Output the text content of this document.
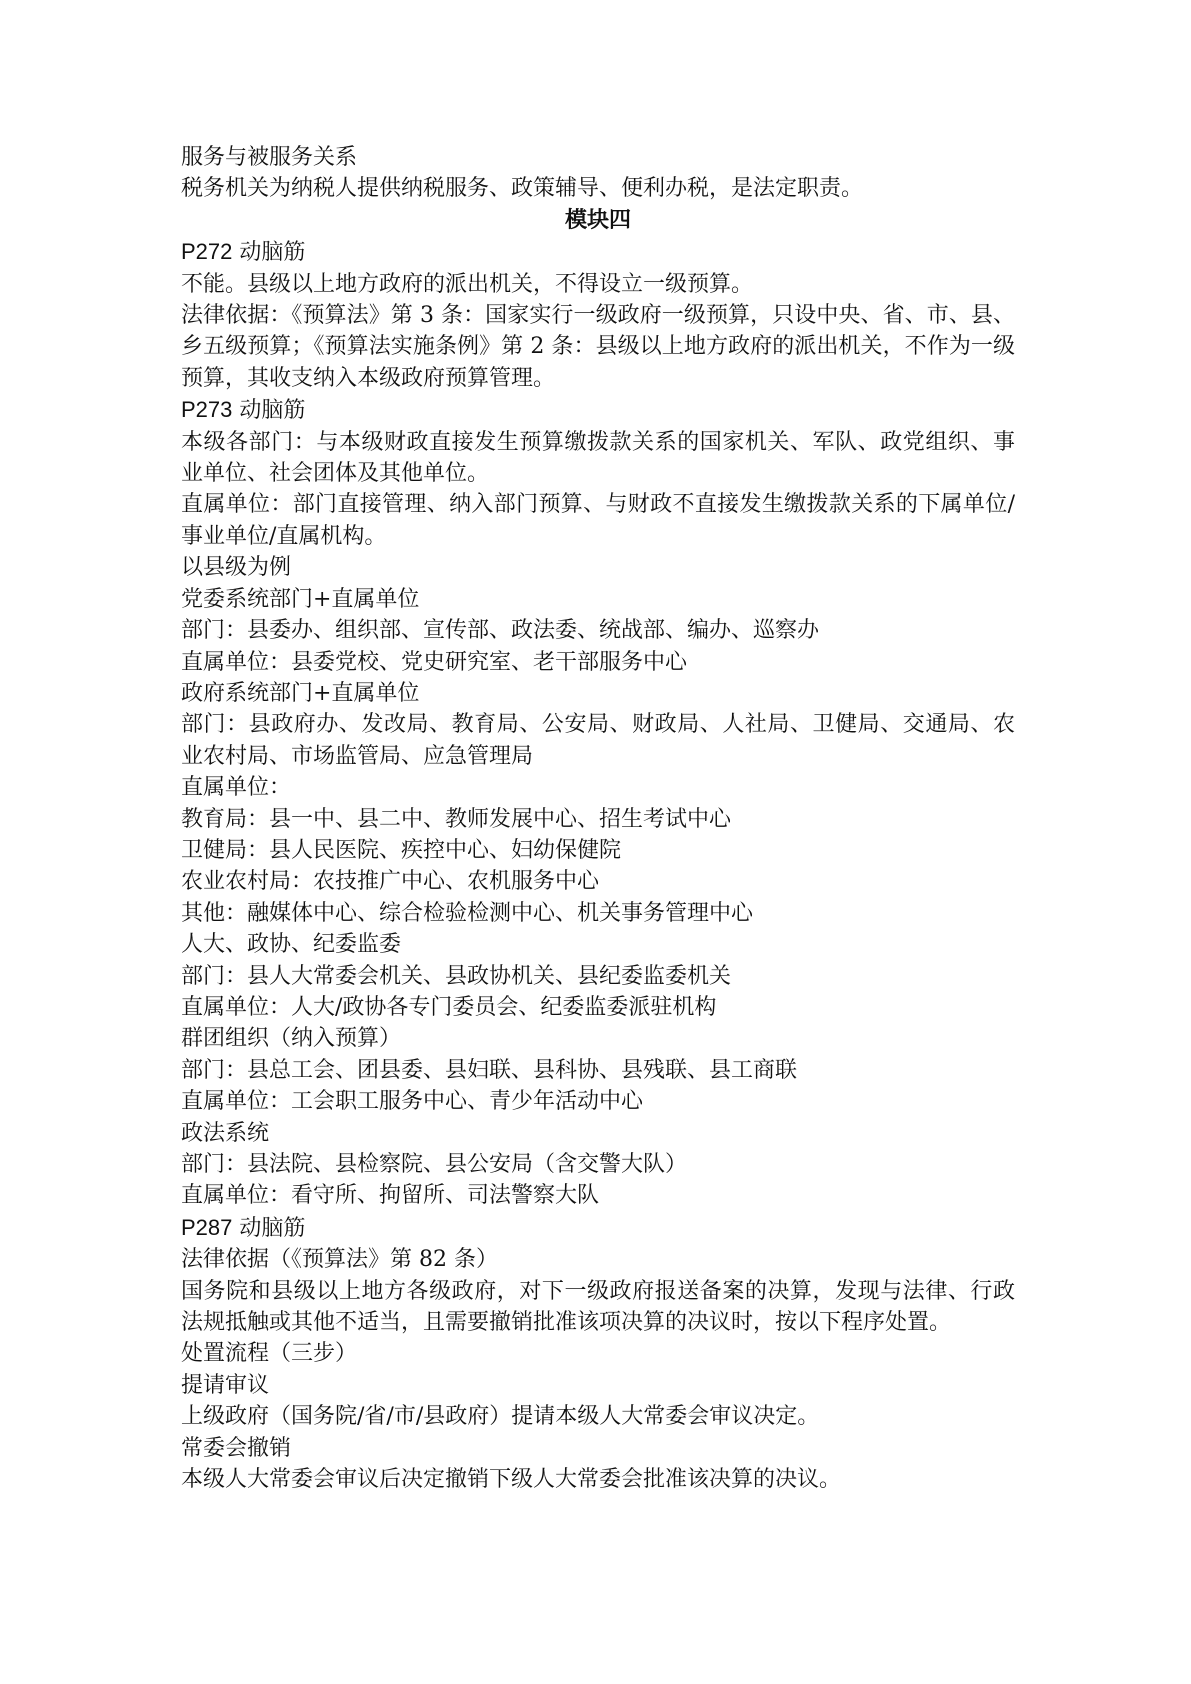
服务与被服务关系
税务机关为纳税人提供纳税服务、政策辅导、便利办税，是法定职责。
模块四
P272 动脑筋
不能。县级以上地方政府的派出机关，不得设立一级预算。
法律依据：《预算法》第 3 条：国家实行一级政府一级预算，只设中央、省、市、县、乡五级预算；《预算法实施条例》第 2 条：县级以上地方政府的派出机关，不作为一级预算，其收支纳入本级政府预算管理。
P273 动脑筋
本级各部门：与本级财政直接发生预算缴拨款关系的国家机关、军队、政党组织、事业单位、社会团体及其他单位。
直属单位：部门直接管理、纳入部门预算、与财政不直接发生缴拨款关系的下属单位/事业单位/直属机构。
以县级为例
党委系统部门+直属单位
部门：县委办、组织部、宣传部、政法委、统战部、编办、巡察办
直属单位：县委党校、党史研究室、老干部服务中心
政府系统部门+直属单位
部门：县政府办、发改局、教育局、公安局、财政局、人社局、卫健局、交通局、农业农村局、市场监管局、应急管理局
直属单位：
教育局：县一中、县二中、教师发展中心、招生考试中心
卫健局：县人民医院、疾控中心、妇幼保健院
农业农村局：农技推广中心、农机服务中心
其他：融媒体中心、综合检验检测中心、机关事务管理中心
人大、政协、纪委监委
部门：县人大常委会机关、县政协机关、县纪委监委机关
直属单位：人大/政协各专门委员会、纪委监委派驻机构
群团组织（纳入预算）
部门：县总工会、团县委、县妇联、县科协、县残联、县工商联
直属单位：工会职工服务中心、青少年活动中心
政法系统
部门：县法院、县检察院、县公安局（含交警大队）
直属单位：看守所、拘留所、司法警察大队
P287 动脑筋
法律依据（《预算法》第 82 条）
国务院和县级以上地方各级政府，对下一级政府报送备案的决算，发现与法律、行政法规抵触或其他不适当，且需要撤销批准该项决算的决议时，按以下程序处置。
处置流程（三步）
提请审议
上级政府（国务院/省/市/县政府）提请本级人大常委会审议决定。
常委会撤销
本级人大常委会审议后决定撤销下级人大常委会批准该决算的决议。
